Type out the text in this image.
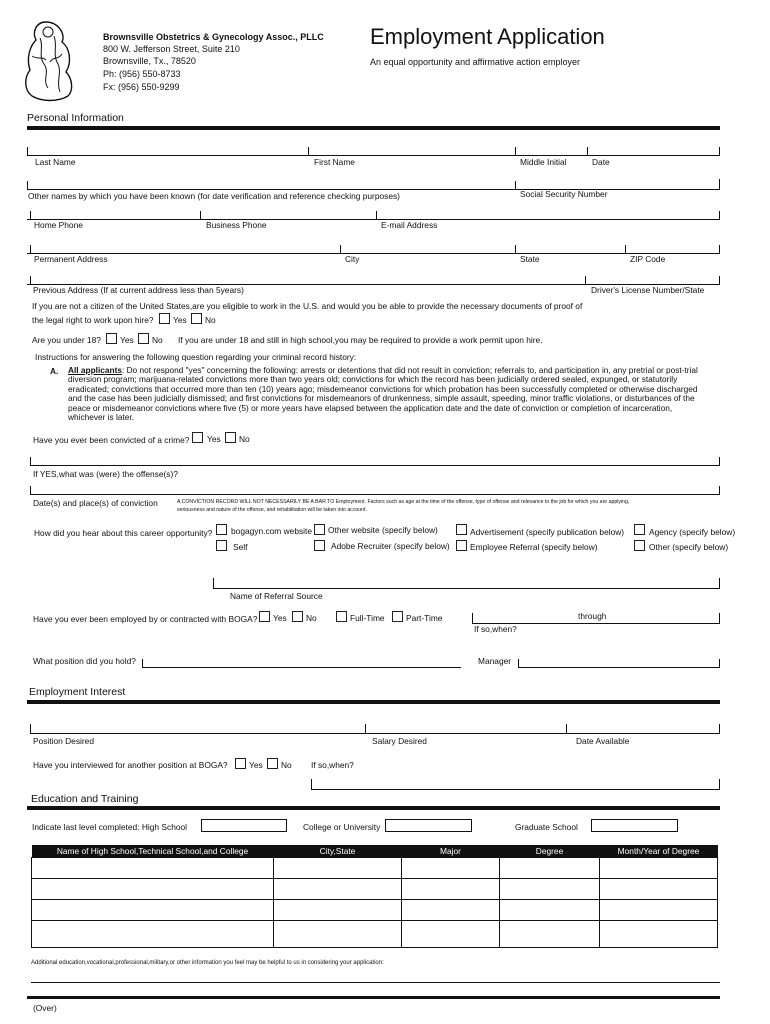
Brownsville Obstetrics & Gynecology Assoc., PLLC
800 W. Jefferson Street, Suite 210
Brownsville, Tx., 78520
Ph: (956) 550-8733
Fx: (956) 550-9299
Employment Application
An equal opportunity and affirmative action employer
Personal Information
Last Name	First Name	Middle Initial	Date
Other names by which you have been known (for date verification and reference checking purposes)	Social Security Number
Home Phone	Business Phone	E-mail Address
Permanent Address	City	State	ZIP Code
Previous Address (If at current address less than 5years)	Driver's License Number/State
If you are not a citizen of the United States,are you eligible to work in the U.S. and would you be able to provide the necessary documents of proof of
the legal right to work upon hire? Yes No
Are you under 18? Yes No If you are under 18 and still in high school,you may be required to provide a work permit upon hire.
Instructions for answering the following question regarding your criminal record history:
A. All applicants: Do not respond "yes" concerning the following: arrests or detentions that did not result in conviction; referrals to, and participation in, any pretrial or post-trial
diversion program; marijuana-related convictions more than two years old; convictions for which the record has been judicially ordered sealed, expunged, or statutorily
eradicated; convictions that occurred more than ten (10) years ago; misdemeanor convictions for which probation has been successfully completed or otherwise discharged
and the case has been judicially dismissed; and first convictions for misdemeanors of drunkenness, simple assault, speeding, minor traffic violations, or disturbances of the
peace or misdemeanor convictions where five (5) or more years have elapsed between the application date and the date of conviction or completion of incarceration,
whichever is later.
Have you ever been convicted of a crime? Yes No
If YES,what was (were) the offense(s)?
Date(s) and place(s) of conviction	A CONVICTION RECORD WILL NOT NECESSARILY BE A BAR TO Employment. Factors such as age at the time of the offense, type of offense and relevance to the job for which you are applying,
seriousness and nature of the offense, and rehabilitation will be taken into account.
How did you hear about this career opportunity? bogagyn.com website Other website (specify below)	Advertisement (specify publication below)	Agency (specify below)
Self	Adobe Recruiter (specify below) Employee Referral (specify below)	Other (specify below)
Name of Referral Source
Have you ever been employed by or contracted with BOGA? Yes No	Full-Time	Part-Time	through
If so,when?
What position did you hold?	Manager
Employment Interest
Position Desired	Salary Desired	Date Available
Have you interviewed for another position at BOGA?	Yes No If so,when?
Education and Training
Indicate last level completed: High School	College or University	Graduate School
Name of High School,Technical School,and College	City,State	Major	Degree	Month/Year of Degree

Additional education,vocational,professional,military,or other information you feel may be helpful to us in considering your application:
(Over)
